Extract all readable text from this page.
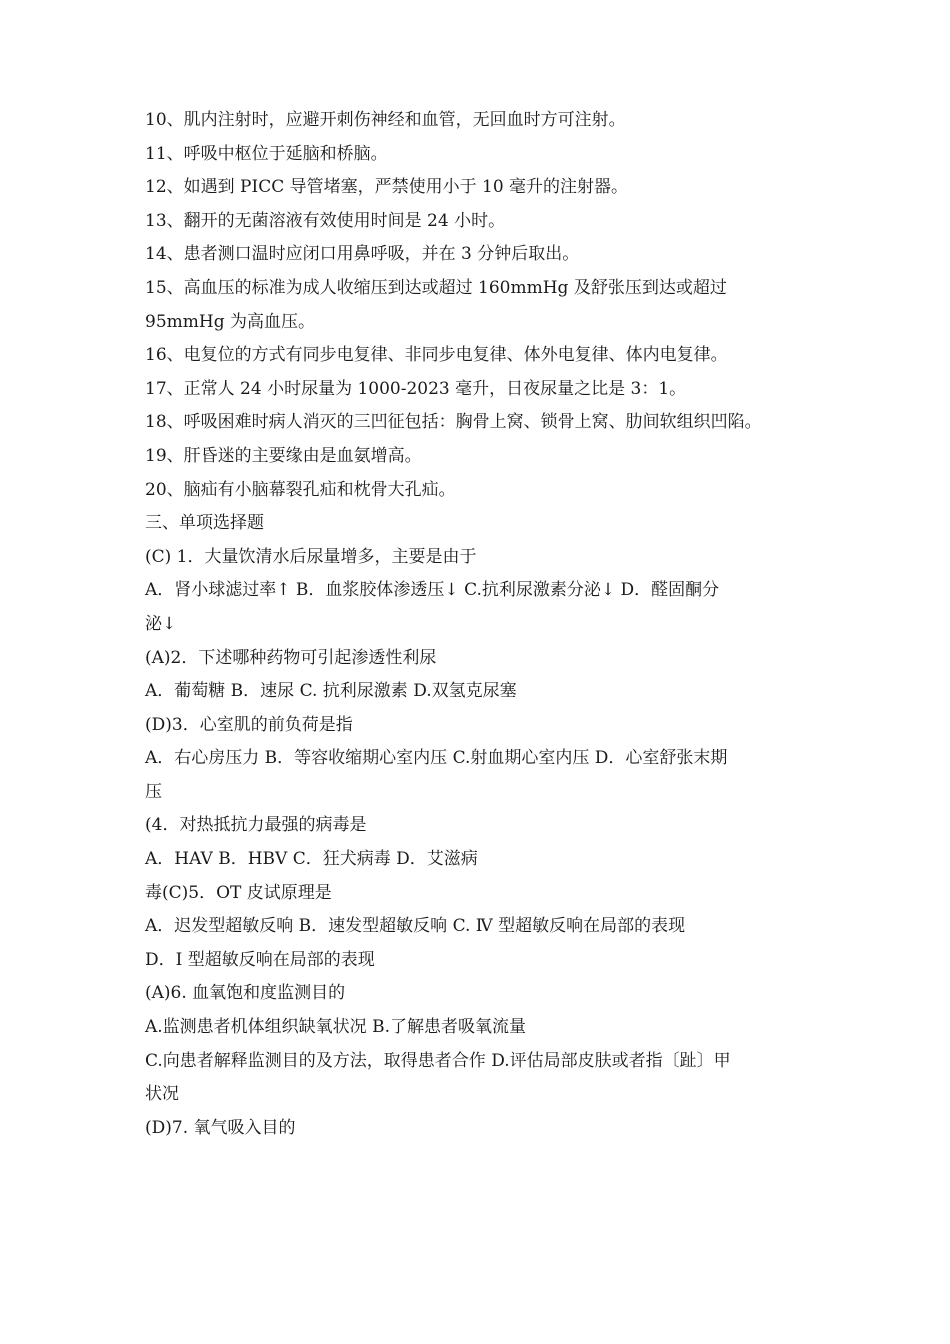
10、肌内注射时，应避开刺伤神经和血管，无回血时方可注射。
11、呼吸中枢位于延脑和桥脑。
12、如遇到 PICC 导管堵塞，严禁使用小于 10 毫升的注射器。
13、翻开的无菌溶液有效使用时间是 24 小时。
14、患者测口温时应闭口用鼻呼吸，并在 3 分钟后取出。
15、高血压的标准为成人收缩压到达或超过 160mmHg 及舒张压到达或超过
95mmHg 为高血压。
16、电复位的方式有同步电复律、非同步电复律、体外电复律、体内电复律。
17、正常人 24 小时尿量为 1000-2023 毫升，日夜尿量之比是 3：1。
18、呼吸困难时病人消灭的三凹征包括：胸骨上窝、锁骨上窝、肋间软组织凹陷。
19、肝昏迷的主要缘由是血氨增高。
20、脑疝有小脑幕裂孔疝和枕骨大孔疝。
三、单项选择题
(C) 1．大量饮清水后尿量增多，主要是由于
A．肾小球滤过率↑ B．血浆胶体渗透压↓ C.抗利尿激素分泌↓ D．醛固酮分
泌↓
(A)2．下述哪种药物可引起渗透性利尿
A．葡萄糖 B．速尿 C. 抗利尿激素 D.双氢克尿塞
(D)3．心室肌的前负荷是指
A．右心房压力 B．等容收缩期心室内压 C.射血期心室内压 D．心室舒张末期
压
(4．对热抵抗力最强的病毒是
A．HAV B．HBV C．狂犬病毒 D．艾滋病
毒(C)5．OT 皮试原理是
A．迟发型超敏反响 B．速发型超敏反响 C. Ⅳ 型超敏反响在局部的表现
D．I 型超敏反响在局部的表现
(A)6. 血氧饱和度监测目的
A.监测患者机体组织缺氧状况 B.了解患者吸氧流量
C.向患者解释监测目的及方法，取得患者合作 D.评估局部皮肤或者指〔趾〕甲
状况
(D)7. 氧气吸入目的
